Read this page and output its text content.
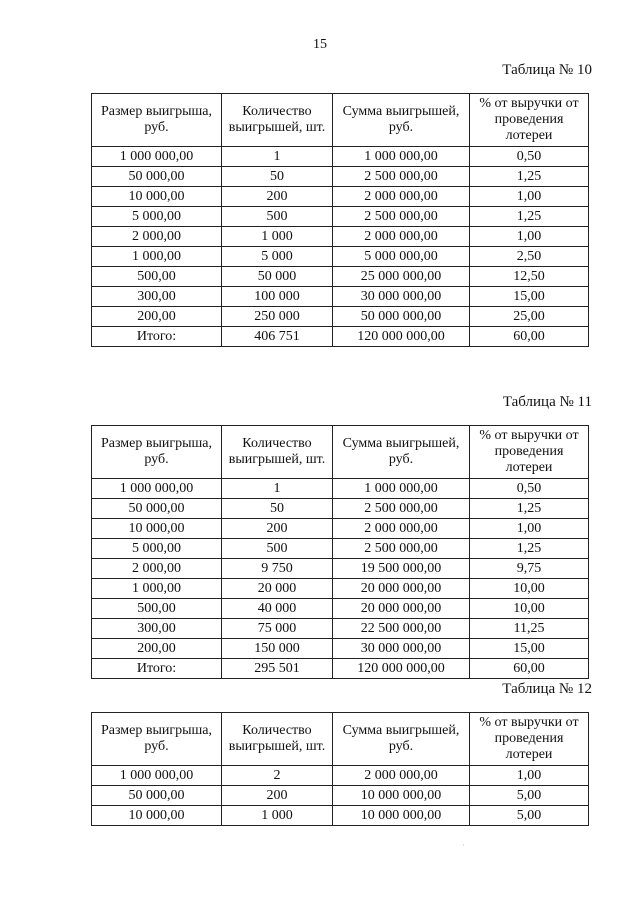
15
Таблица № 10
Размер выигрыша, руб.	Количество выигрышей, шт.	Сумма выигрышей, руб.	% от выручки от проведения лотереи
1 000 000,00	1	1 000 000,00	0,50
50 000,00	50	2 500 000,00	1,25
10 000,00	200	2 000 000,00	1,00
5 000,00	500	2 500 000,00	1,25
2 000,00	1 000	2 000 000,00	1,00
1 000,00	5 000	5 000 000,00	2,50
500,00	50 000	25 000 000,00	12,50
300,00	100 000	30 000 000,00	15,00
200,00	250 000	50 000 000,00	25,00
Итого:	406 751	120 000 000,00	60,00
Таблица № 11
Размер выигрыша, руб.	Количество выигрышей, шт.	Сумма выигрышей, руб.	% от выручки от проведения лотереи
1 000 000,00	1	1 000 000,00	0,50
50 000,00	50	2 500 000,00	1,25
10 000,00	200	2 000 000,00	1,00
5 000,00	500	2 500 000,00	1,25
2 000,00	9 750	19 500 000,00	9,75
1 000,00	20 000	20 000 000,00	10,00
500,00	40 000	20 000 000,00	10,00
300,00	75 000	22 500 000,00	11,25
200,00	150 000	30 000 000,00	15,00
Итого:	295 501	120 000 000,00	60,00
Таблица № 12
Размер выигрыша, руб.	Количество выигрышей, шт.	Сумма выигрышей, руб.	% от выручки от проведения лотереи
1 000 000,00	2	2 000 000,00	1,00
50 000,00	200	10 000 000,00	5,00
10 000,00	1 000	10 000 000,00	5,00
·
